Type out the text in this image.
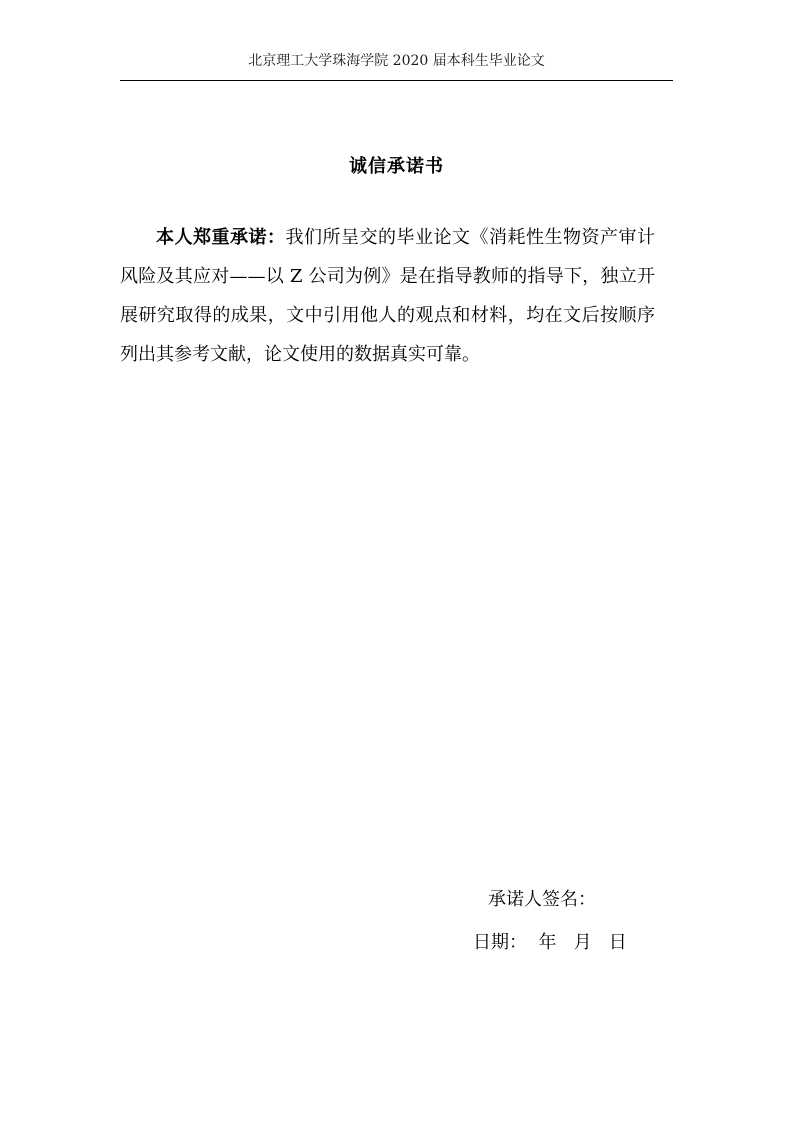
北京理工大学珠海学院 2020 届本科生毕业论文
诚信承诺书
本人郑重承诺：我们所呈交的毕业论文《消耗性生物资产审计风险及其应对——以 Z 公司为例》是在指导教师的指导下，独立开展研究取得的成果，文中引用他人的观点和材料，均在文后按顺序列出其参考文献，论文使用的数据真实可靠。
承诺人签名：
日期：  年   月   日
